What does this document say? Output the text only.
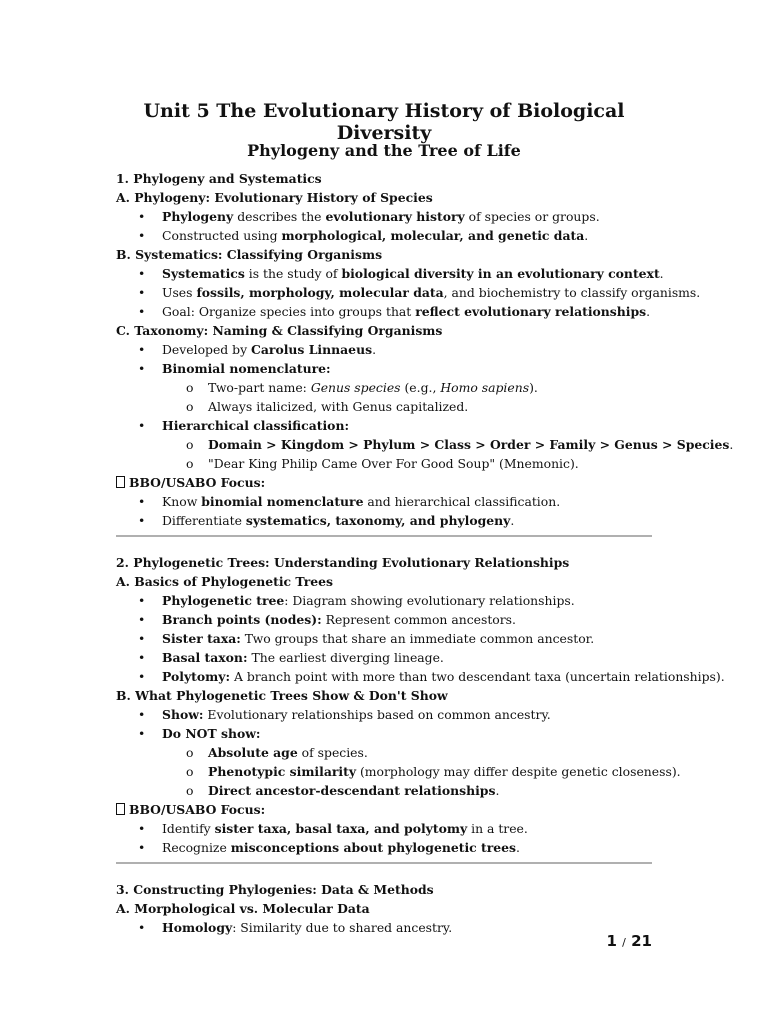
Unit 5 The Evolutionary History of Biological Diversity
Phylogeny and the Tree of Life
1. Phylogeny and Systematics
A. Phylogeny: Evolutionary History of Species
• Phylogeny describes the evolutionary history of species or groups.
• Constructed using morphological, molecular, and genetic data.
B. Systematics: Classifying Organisms
• Systematics is the study of biological diversity in an evolutionary context.
• Uses fossils, morphology, molecular data, and biochemistry to classify organisms.
• Goal: Organize species into groups that reflect evolutionary relationships.
C. Taxonomy: Naming & Classifying Organisms
• Developed by Carolus Linnaeus.
• Binomial nomenclature:
o Two-part name: Genus species (e.g., Homo sapiens).
o Always italicized, with Genus capitalized.
• Hierarchical classification:
o Domain > Kingdom > Phylum > Class > Order > Family > Genus > Species.
o "Dear King Philip Came Over For Good Soup" (Mnemonic).
BBO/USABO Focus:
• Know binomial nomenclature and hierarchical classification.
• Differentiate systematics, taxonomy, and phylogeny.
2. Phylogenetic Trees: Understanding Evolutionary Relationships
A. Basics of Phylogenetic Trees
• Phylogenetic tree: Diagram showing evolutionary relationships.
• Branch points (nodes): Represent common ancestors.
• Sister taxa: Two groups that share an immediate common ancestor.
• Basal taxon: The earliest diverging lineage.
• Polytomy: A branch point with more than two descendant taxa (uncertain relationships).
B. What Phylogenetic Trees Show & Don't Show
• Show: Evolutionary relationships based on common ancestry.
• Do NOT show:
o Absolute age of species.
o Phenotypic similarity (morphology may differ despite genetic closeness).
o Direct ancestor-descendant relationships.
BBO/USABO Focus:
• Identify sister taxa, basal taxa, and polytomy in a tree.
• Recognize misconceptions about phylogenetic trees.
3. Constructing Phylogenies: Data & Methods
A. Morphological vs. Molecular Data
• Homology: Similarity due to shared ancestry.
1 / 21
